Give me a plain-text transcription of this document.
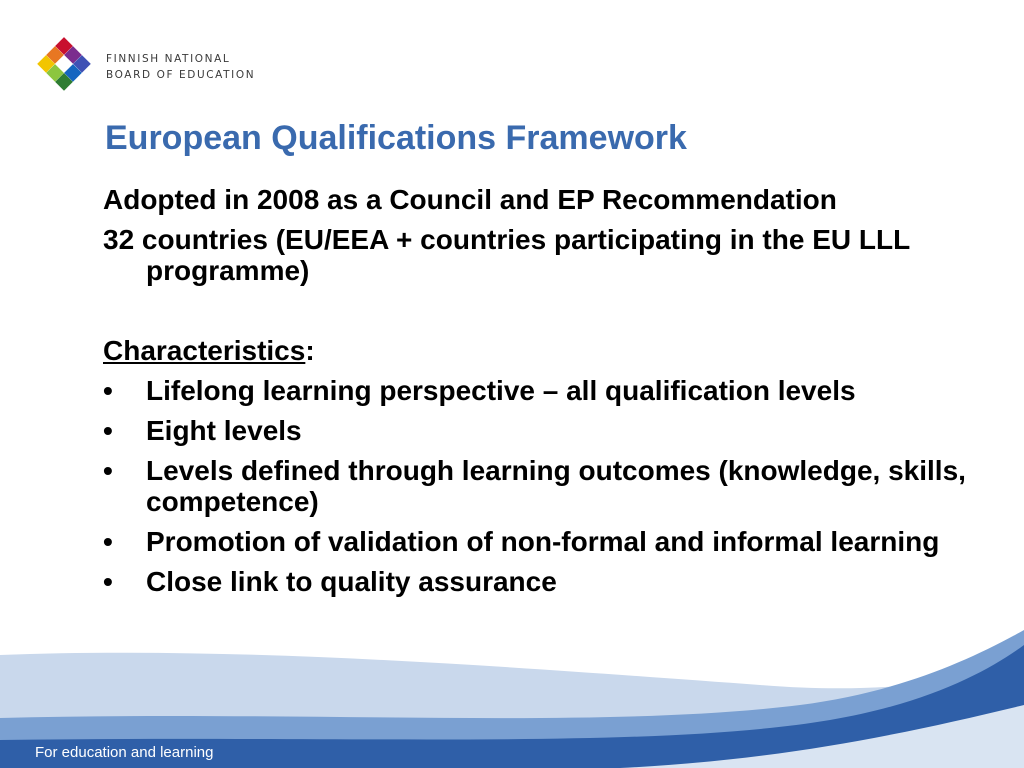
FINNISH NATIONAL
BOARD OF EDUCATION
European Qualifications Framework
Adopted in 2008 as a Council and EP Recommendation
32 countries (EU/EEA + countries participating in the EU LLL programme)
Characteristics:
• Lifelong learning perspective – all qualification levels
• Eight levels
• Levels defined through learning outcomes (knowledge, skills, competence)
• Promotion of validation of non-formal and informal learning
• Close link to quality assurance
For education and learning
